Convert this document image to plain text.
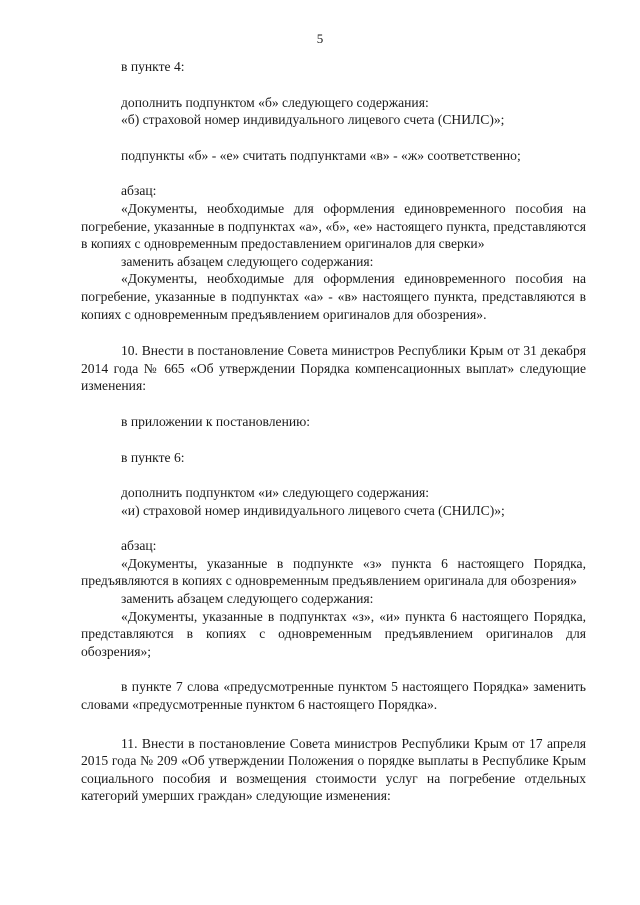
5

в пункте 4:

дополнить подпунктом «б» следующего содержания:

«б) страховой номер индивидуального лицевого счета (СНИЛС)»;

подпункты «б» - «е» считать подпунктами «в» - «ж» соответственно;

абзац:

«Документы, необходимые для оформления единовременного пособия на погребение, указанные в подпунктах «а», «б», «е» настоящего пункта, представляются в копиях с одновременным предоставлением оригиналов для сверки»

заменить абзацем следующего содержания:

«Документы, необходимые для оформления единовременного пособия на погребение, указанные в подпунктах «а» - «в» настоящего пункта, представляются в копиях с одновременным предъявлением оригиналов для обозрения».

10. Внести в постановление Совета министров Республики Крым от 31 декабря 2014 года № 665 «Об утверждении Порядка компенсационных выплат» следующие изменения:

в приложении к постановлению:

в пункте 6:

дополнить подпунктом «и» следующего содержания:

«и) страховой номер индивидуального лицевого счета (СНИЛС)»;

абзац:

«Документы, указанные в подпункте «з» пункта 6 настоящего Порядка, предъявляются в копиях с одновременным предъявлением оригинала для обозрения»

заменить абзацем следующего содержания:

«Документы, указанные в подпунктах «з», «и» пункта 6 настоящего Порядка, представляются в копиях с одновременным предъявлением оригиналов для обозрения»;

в пункте 7 слова «предусмотренные пунктом 5 настоящего Порядка» заменить словами «предусмотренные пунктом 6 настоящего Порядка».

11. Внести в постановление Совета министров Республики Крым от 17 апреля 2015 года № 209 «Об утверждении Положения о порядке выплаты в Республике Крым социального пособия и возмещения стоимости услуг на погребение отдельных категорий умерших граждан» следующие изменения:
